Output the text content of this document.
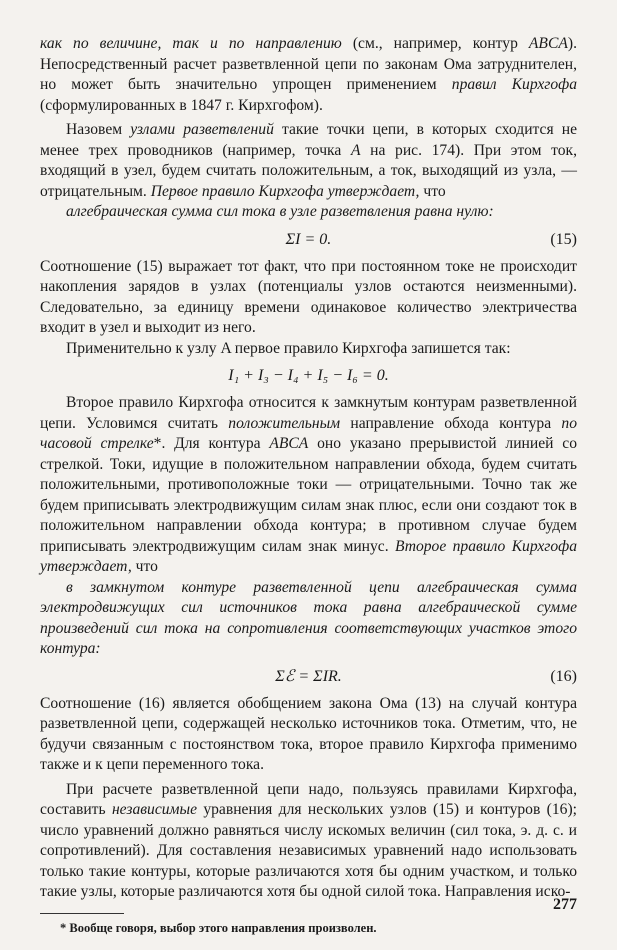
как по величине, так и по направлению (см., например, контур ABCA). Непосредственный расчет разветвленной цепи по законам Ома затруднителен, но может быть значительно упрощен применением правил Кирхгофа (сформулированных в 1847 г. Кирхгофом).

Назовем узлами разветвлений такие точки цепи, в которых сходится не менее трех проводников (например, точка A на рис. 174). При этом ток, входящий в узел, будем считать положительным, а ток, выходящий из узла, — отрицательным. Первое правило Кирхгофа утверждает, что

алгебраическая сумма сил тока в узле разветвления равна нулю:

ΣI = 0.	(15)

Соотношение (15) выражает тот факт, что при постоянном токе не происходит накопления зарядов в узлах (потенциалы узлов остаются неизменными). Следовательно, за единицу времени одинаковое количество электричества входит в узел и выходит из него.

Применительно к узлу A первое правило Кирхгофа запишется так:

I₁ + I₃ − I₄ + I₅ − I₆ = 0.

Второе правило Кирхгофа относится к замкнутым контурам разветвленной цепи. Условимся считать положительным направление обхода контура по часовой стрелке*. Для контура ABCA оно указано прерывистой линией со стрелкой. Токи, идущие в положительном направлении обхода, будем считать положительными, противоположные токи — отрицательными. Точно так же будем приписывать электродвижущим силам знак плюс, если они создают ток в положительном направлении обхода контура; в противном случае будем приписывать электродвижущим силам знак минус. Второе правило Кирхгофа утверждает, что

в замкнутом контуре разветвленной цепи алгебраическая сумма электродвижущих сил источников тока равна алгебраической сумме произведений сил тока на сопротивления соответствующих участков этого контура:

Σℰ = ΣIR.	(16)

Соотношение (16) является обобщением закона Ома (13) на случай контура разветвленной цепи, содержащей несколько источников тока. Отметим, что, не будучи связанным с постоянством тока, второе правило Кирхгофа применимо также и к цепи переменного тока.

При расчете разветвленной цепи надо, пользуясь правилами Кирхгофа, составить независимые уравнения для нескольких узлов (15) и контуров (16); число уравнений должно равняться числу искомых величин (сил тока, э. д. с. и сопротивлений). Для составления независимых уравнений надо использовать только такие контуры, которые различаются хотя бы одним участком, и только такие узлы, которые различаются хотя бы одной силой тока. Направления иско-

* Вообще говоря, выбор этого направления произволен.
277
